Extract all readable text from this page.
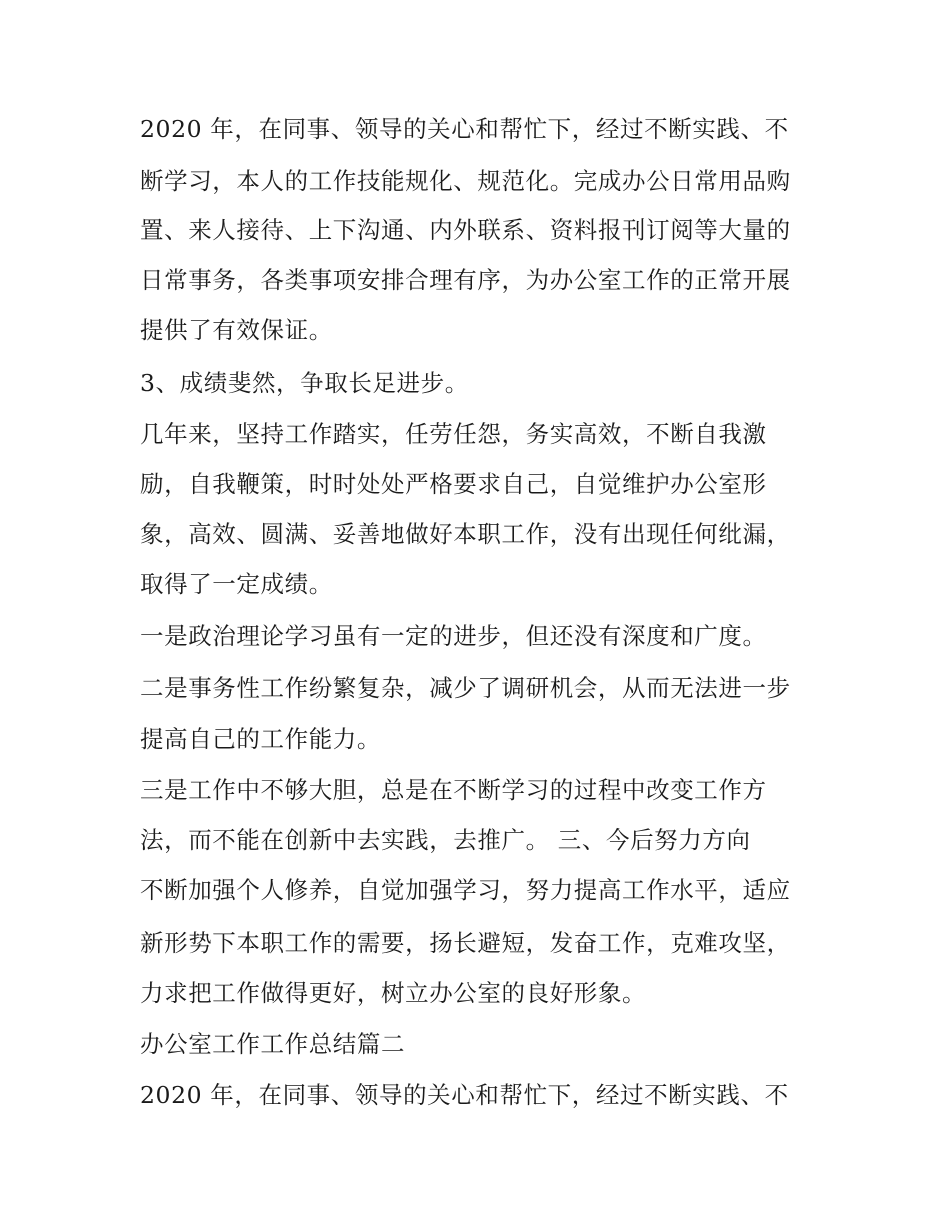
2020 年，在同事、领导的关心和帮忙下，经过不断实践、不
断学习，本人的工作技能规化、规范化。完成办公日常用品购
置、来人接待、上下沟通、内外联系、资料报刊订阅等大量的
日常事务，各类事项安排合理有序，为办公室工作的正常开展
提供了有效保证。
3、成绩斐然，争取长足进步。
几年来，坚持工作踏实，任劳任怨，务实高效，不断自我激
励，自我鞭策，时时处处严格要求自己，自觉维护办公室形
象，高效、圆满、妥善地做好本职工作，没有出现任何纰漏，
取得了一定成绩。
一是政治理论学习虽有一定的进步，但还没有深度和广度。
二是事务性工作纷繁复杂，减少了调研机会，从而无法进一步
提高自己的工作能力。
三是工作中不够大胆，总是在不断学习的过程中改变工作方
法，而不能在创新中去实践，去推广。 三、今后努力方向
不断加强个人修养，自觉加强学习，努力提高工作水平，适应
新形势下本职工作的需要，扬长避短，发奋工作，克难攻坚，
力求把工作做得更好，树立办公室的良好形象。
办公室工作工作总结篇二
2020 年，在同事、领导的关心和帮忙下，经过不断实践、不
